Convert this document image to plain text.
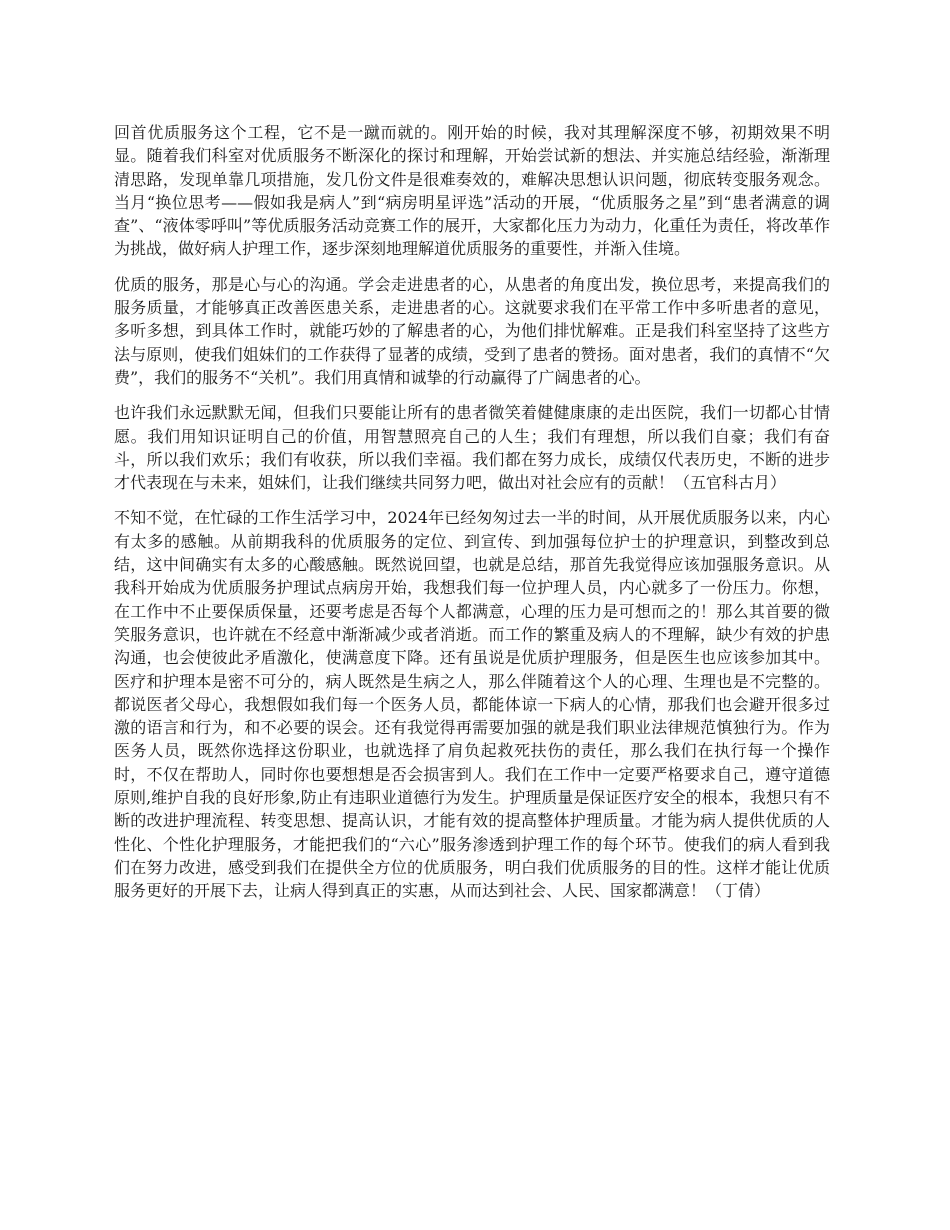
回首优质服务这个工程，它不是一蹴而就的。刚开始的时候，我对其理解深度不够，初期效果不明显。随着我们科室对优质服务不断深化的探讨和理解，开始尝试新的想法、并实施总结经验，渐渐理清思路，发现单靠几项措施，发几份文件是很难奏效的，难解决思想认识问题，彻底转变服务观念。当月“换位思考——假如我是病人”到“病房明星评选”活动的开展，“优质服务之星”到“患者满意的调查”、“液体零呼叫”等优质服务活动竞赛工作的展开，大家都化压力为动力，化重任为责任，将改革作为挑战，做好病人护理工作，逐步深刻地理解道优质服务的重要性，并渐入佳境。

优质的服务，那是心与心的沟通。学会走进患者的心，从患者的角度出发，换位思考，来提高我们的服务质量，才能够真正改善医患关系，走进患者的心。这就要求我们在平常工作中多听患者的意见，多听多想，到具体工作时，就能巧妙的了解患者的心，为他们排忧解难。正是我们科室坚持了这些方法与原则，使我们姐妹们的工作获得了显著的成绩，受到了患者的赞扬。面对患者，我们的真情不“欠费”，我们的服务不“关机”。我们用真情和诚挚的行动赢得了广阔患者的心。

也许我们永远默默无闻，但我们只要能让所有的患者微笑着健健康康的走出医院，我们一切都心甘情愿。我们用知识证明自己的价值，用智慧照亮自己的人生；我们有理想，所以我们自豪；我们有奋斗，所以我们欢乐；我们有收获，所以我们幸福。我们都在努力成长，成绩仅代表历史，不断的进步才代表现在与未来，姐妹们，让我们继续共同努力吧，做出对社会应有的贡献！（五官科古月）

不知不觉，在忙碌的工作生活学习中，2024年已经匆匆过去一半的时间，从开展优质服务以来，内心有太多的感触。从前期我科的优质服务的定位、到宣传、到加强每位护士的护理意识，到整改到总结，这中间确实有太多的心酸感触。既然说回望，也就是总结，那首先我觉得应该加强服务意识。从我科开始成为优质服务护理试点病房开始，我想我们每一位护理人员，内心就多了一份压力。你想，在工作中不止要保质保量，还要考虑是否每个人都满意，心理的压力是可想而之的！那么其首要的微笑服务意识，也许就在不经意中渐渐减少或者消逝。而工作的繁重及病人的不理解，缺少有效的护患沟通，也会使彼此矛盾激化，使满意度下降。还有虽说是优质护理服务，但是医生也应该参加其中。医疗和护理本是密不可分的，病人既然是生病之人，那么伴随着这个人的心理、生理也是不完整的。都说医者父母心，我想假如我们每一个医务人员，都能体谅一下病人的心情，那我们也会避开很多过激的语言和行为，和不必要的误会。还有我觉得再需要加强的就是我们职业法律规范慎独行为。作为医务人员，既然你选择这份职业，也就选择了肩负起救死扶伤的责任，那么我们在执行每一个操作时，不仅在帮助人，同时你也要想想是否会损害到人。我们在工作中一定要严格要求自己，遵守道德原则,维护自我的良好形象,防止有违职业道德行为发生。护理质量是保证医疗安全的根本，我想只有不断的改进护理流程、转变思想、提高认识，才能有效的提高整体护理质量。才能为病人提供优质的人性化、个性化护理服务，才能把我们的“六心”服务渗透到护理工作的每个环节。使我们的病人看到我们在努力改进，感受到我们在提供全方位的优质服务，明白我们优质服务的目的性。这样才能让优质服务更好的开展下去，让病人得到真正的实惠，从而达到社会、人民、国家都满意！（丁倩）
